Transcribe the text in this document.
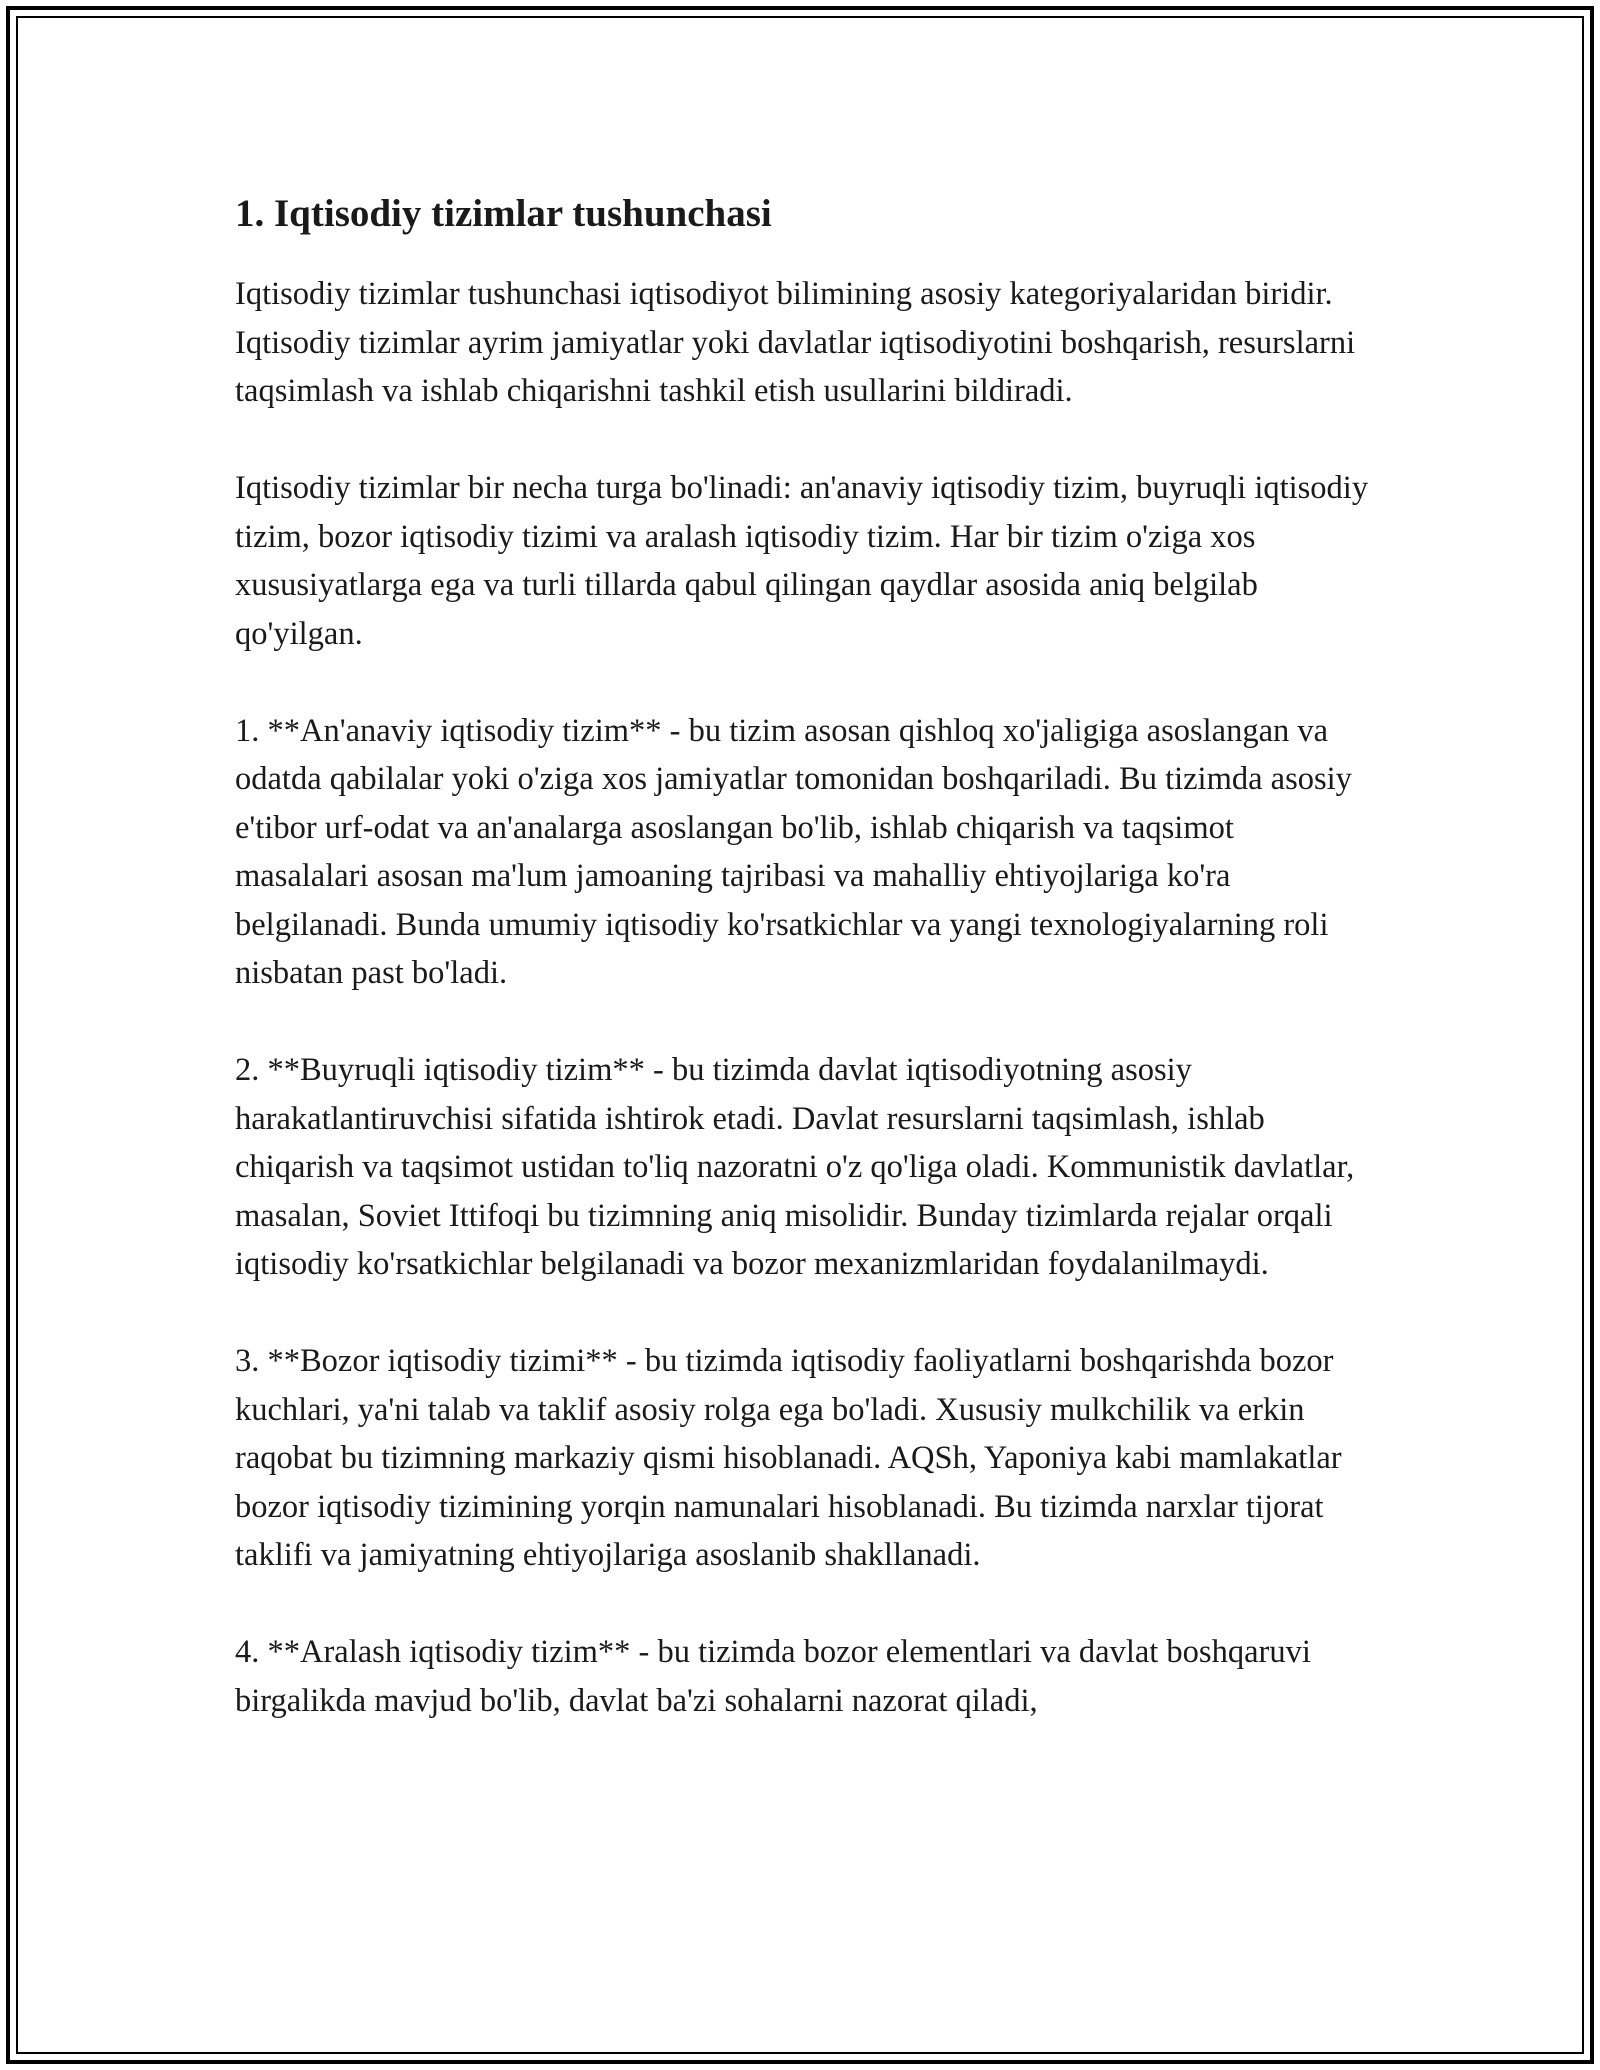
1. Iqtisodiy tizimlar tushunchasi

Iqtisodiy tizimlar tushunchasi iqtisodiyot bilimining asosiy kategoriyalaridan biridir. Iqtisodiy tizimlar ayrim jamiyatlar yoki davlatlar iqtisodiyotini boshqarish, resurslarni taqsimlash va ishlab chiqarishni tashkil etish usullarini bildiradi.

Iqtisodiy tizimlar bir necha turga bo'linadi: an'anaviy iqtisodiy tizim, buyruqli iqtisodiy tizim, bozor iqtisodiy tizimi va aralash iqtisodiy tizim. Har bir tizim o'ziga xos xususiyatlarga ega va turli tillarda qabul qilingan qaydlar asosida aniq belgilab qo'yilgan.

1. **An'anaviy iqtisodiy tizim** - bu tizim asosan qishloq xo'jaligiga asoslangan va odatda qabilalar yoki o'ziga xos jamiyatlar tomonidan boshqariladi. Bu tizimda asosiy e'tibor urf-odat va an'analarga asoslangan bo'lib, ishlab chiqarish va taqsimot masalalari asosan ma'lum jamoaning tajribasi va mahalliy ehtiyojlariga ko'ra belgilanadi. Bunda umumiy iqtisodiy ko'rsatkichlar va yangi texnologiyalarning roli nisbatan past bo'ladi.

2. **Buyruqli iqtisodiy tizim** - bu tizimda davlat iqtisodiyotning asosiy harakatlantiruvchisi sifatida ishtirok etadi. Davlat resurslarni taqsimlash, ishlab chiqarish va taqsimot ustidan to'liq nazoratni o'z qo'liga oladi. Kommunistik davlatlar, masalan, Soviet Ittifoqi bu tizimning aniq misolidir. Bunday tizimlarda rejalar orqali iqtisodiy ko'rsatkichlar belgilanadi va bozor mexanizmlaridan foydalanilmaydi.

3. **Bozor iqtisodiy tizimi** - bu tizimda iqtisodiy faoliyatlarni boshqarishda bozor kuchlari, ya'ni talab va taklif asosiy rolga ega bo'ladi. Xususiy mulkchilik va erkin raqobat bu tizimning markaziy qismi hisoblanadi. AQSh, Yaponiya kabi mamlakatlar bozor iqtisodiy tizimining yorqin namunalari hisoblanadi. Bu tizimda narxlar tijorat taklifi va jamiyatning ehtiyojlariga asoslanib shakllanadi.

4. **Aralash iqtisodiy tizim** - bu tizimda bozor elementlari va davlat boshqaruvi birgalikda mavjud bo'lib, davlat ba'zi sohalarni nazorat qiladi,
